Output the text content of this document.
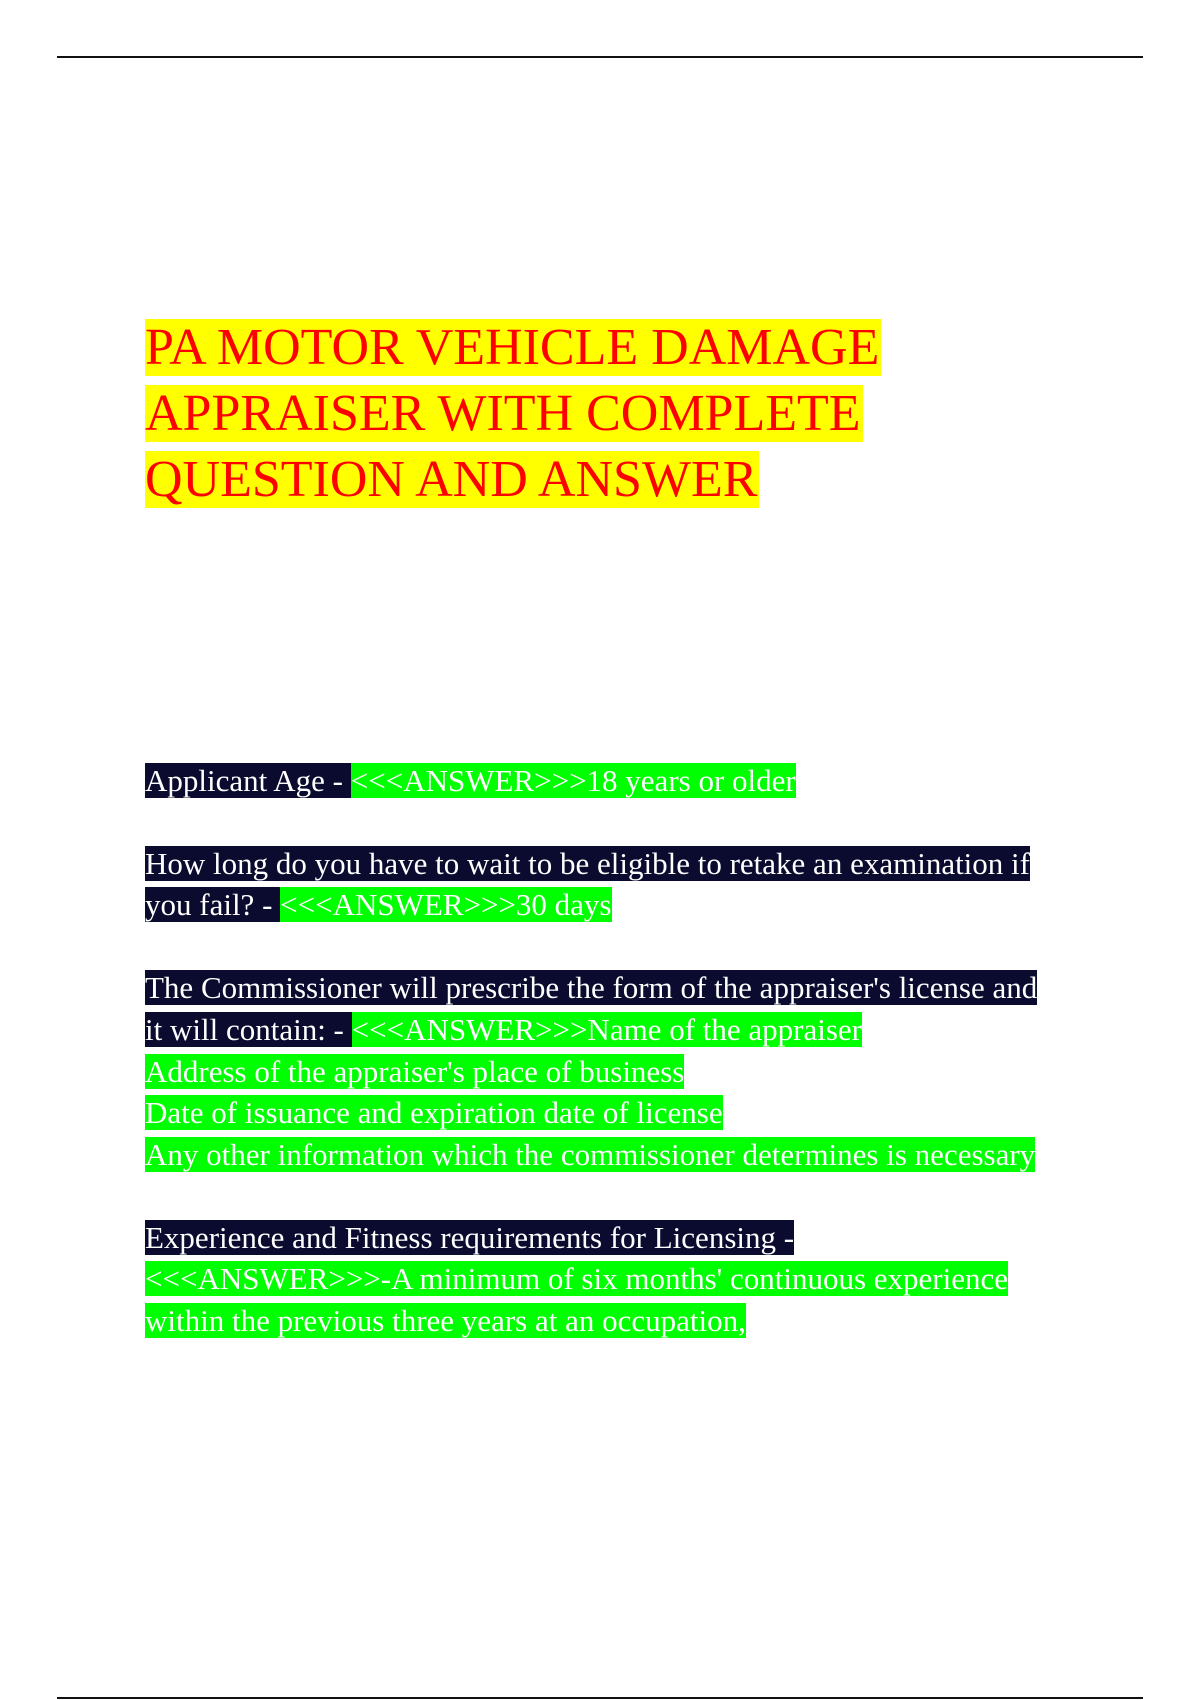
PA MOTOR VEHICLE DAMAGE
APPRAISER WITH COMPLETE
QUESTION AND ANSWER

Applicant Age - <<<ANSWER>>>18 years or older

How long do you have to wait to be eligible to retake an examination if you fail? - <<<ANSWER>>>30 days

The Commissioner will prescribe the form of the appraiser's license and it will contain: - <<<ANSWER>>>Name of the appraiser
Address of the appraiser's place of business
Date of issuance and expiration date of license
Any other information which the commissioner determines is necessary

Experience and Fitness requirements for Licensing - <<<ANSWER>>>-A minimum of six months' continuous experience within the previous three years at an occupation,
